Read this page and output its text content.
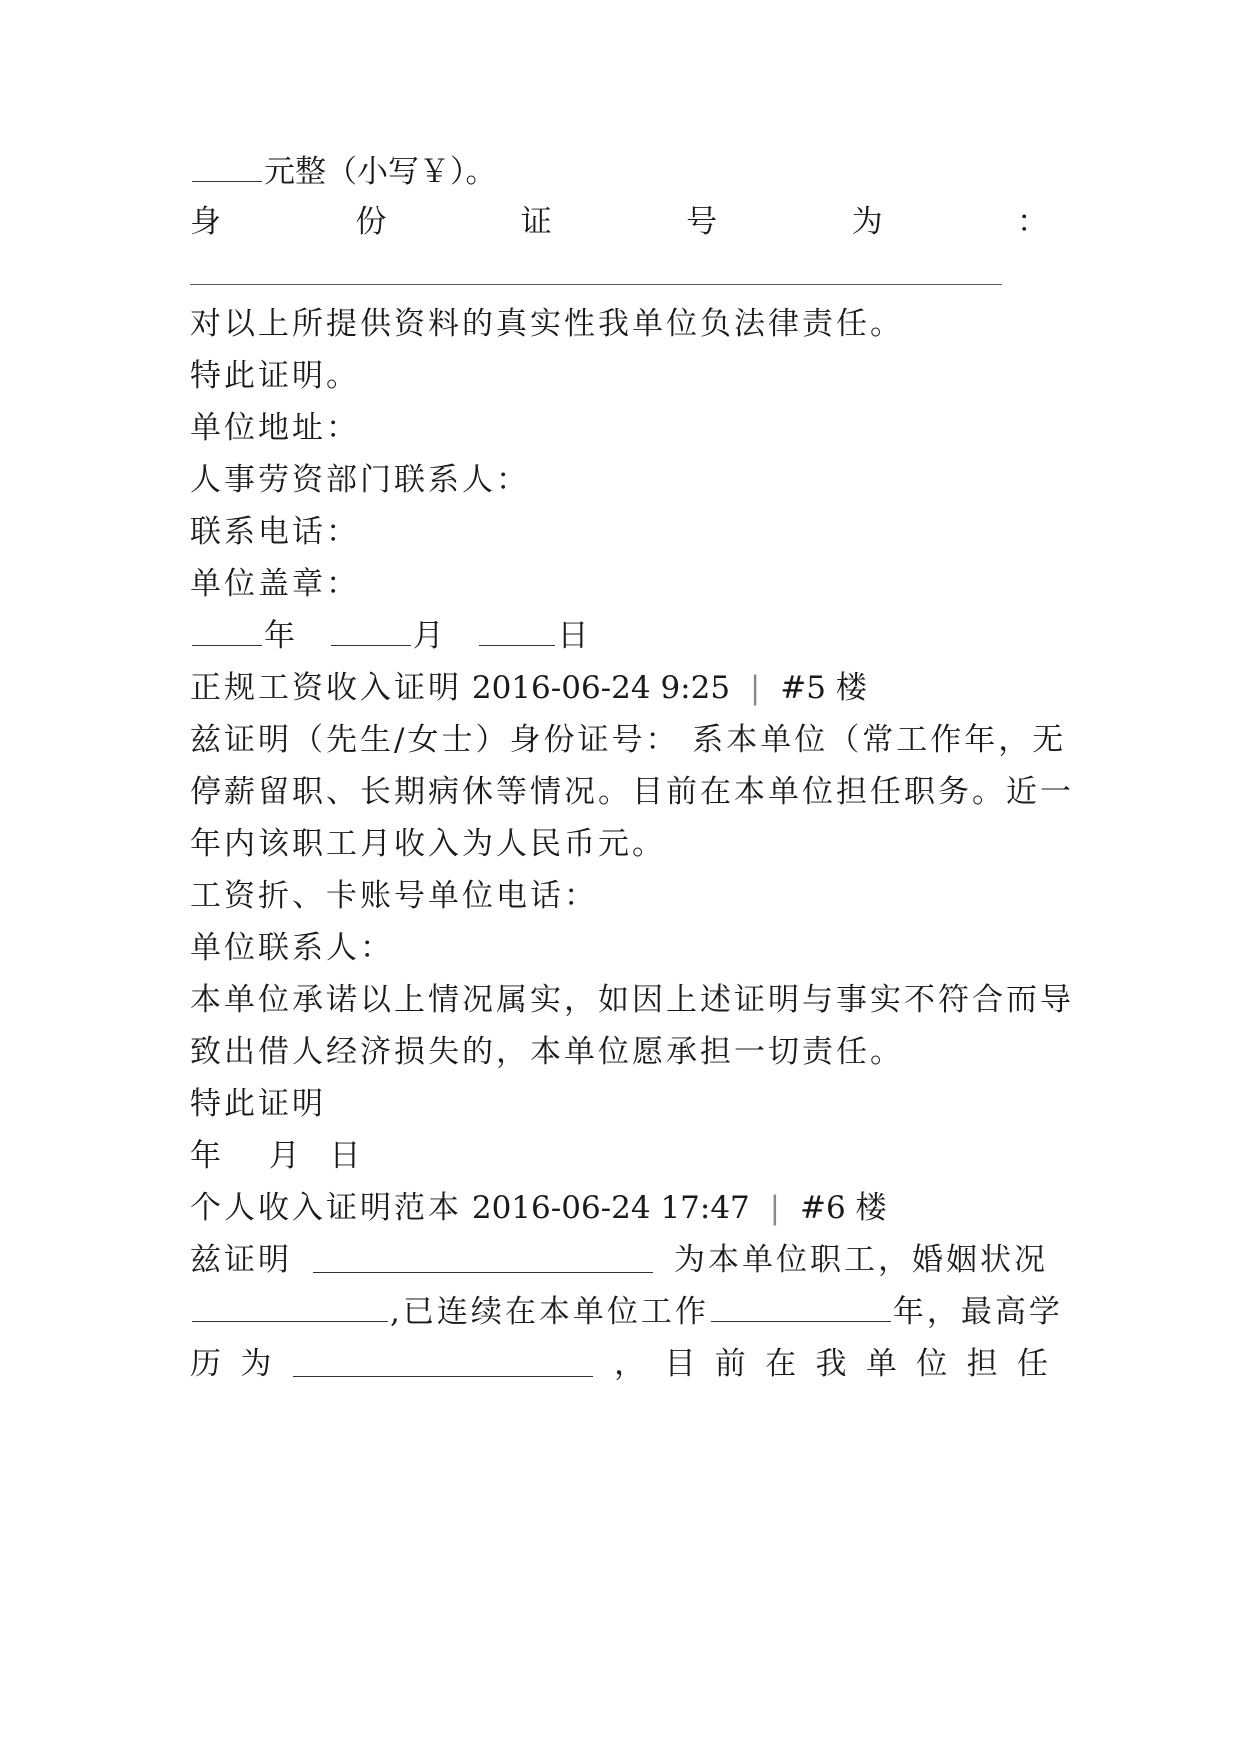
元整（小写￥）。
身	份	证	号	为	：
对以上所提供资料的真实性我单位负法律责任。
特此证明。
单位地址：
人事劳资部门联系人：
联系电话：
单位盖章：
年	月	日
正规工资收入证明 2016-06-24 9:25 | #5 楼
兹证明（先生/女士）身份证号： 系本单位（常工作年，无
停薪留职、长期病休等情况。目前在本单位担任职务。近一
年内该职工月收入为人民币元。
工资折、卡账号单位电话：
单位联系人：
本单位承诺以上情况属实，如因上述证明与事实不符合而导
致出借人经济损失的，本单位愿承担一切责任。
特此证明
年 月 日
个人收入证明范本 2016-06-24 17:47 | #6 楼
兹证明	为本单位职工，婚姻状况
,已连续在本单位工作	年，最高学
历 为	， 目 前 在 我 单 位 担 任
